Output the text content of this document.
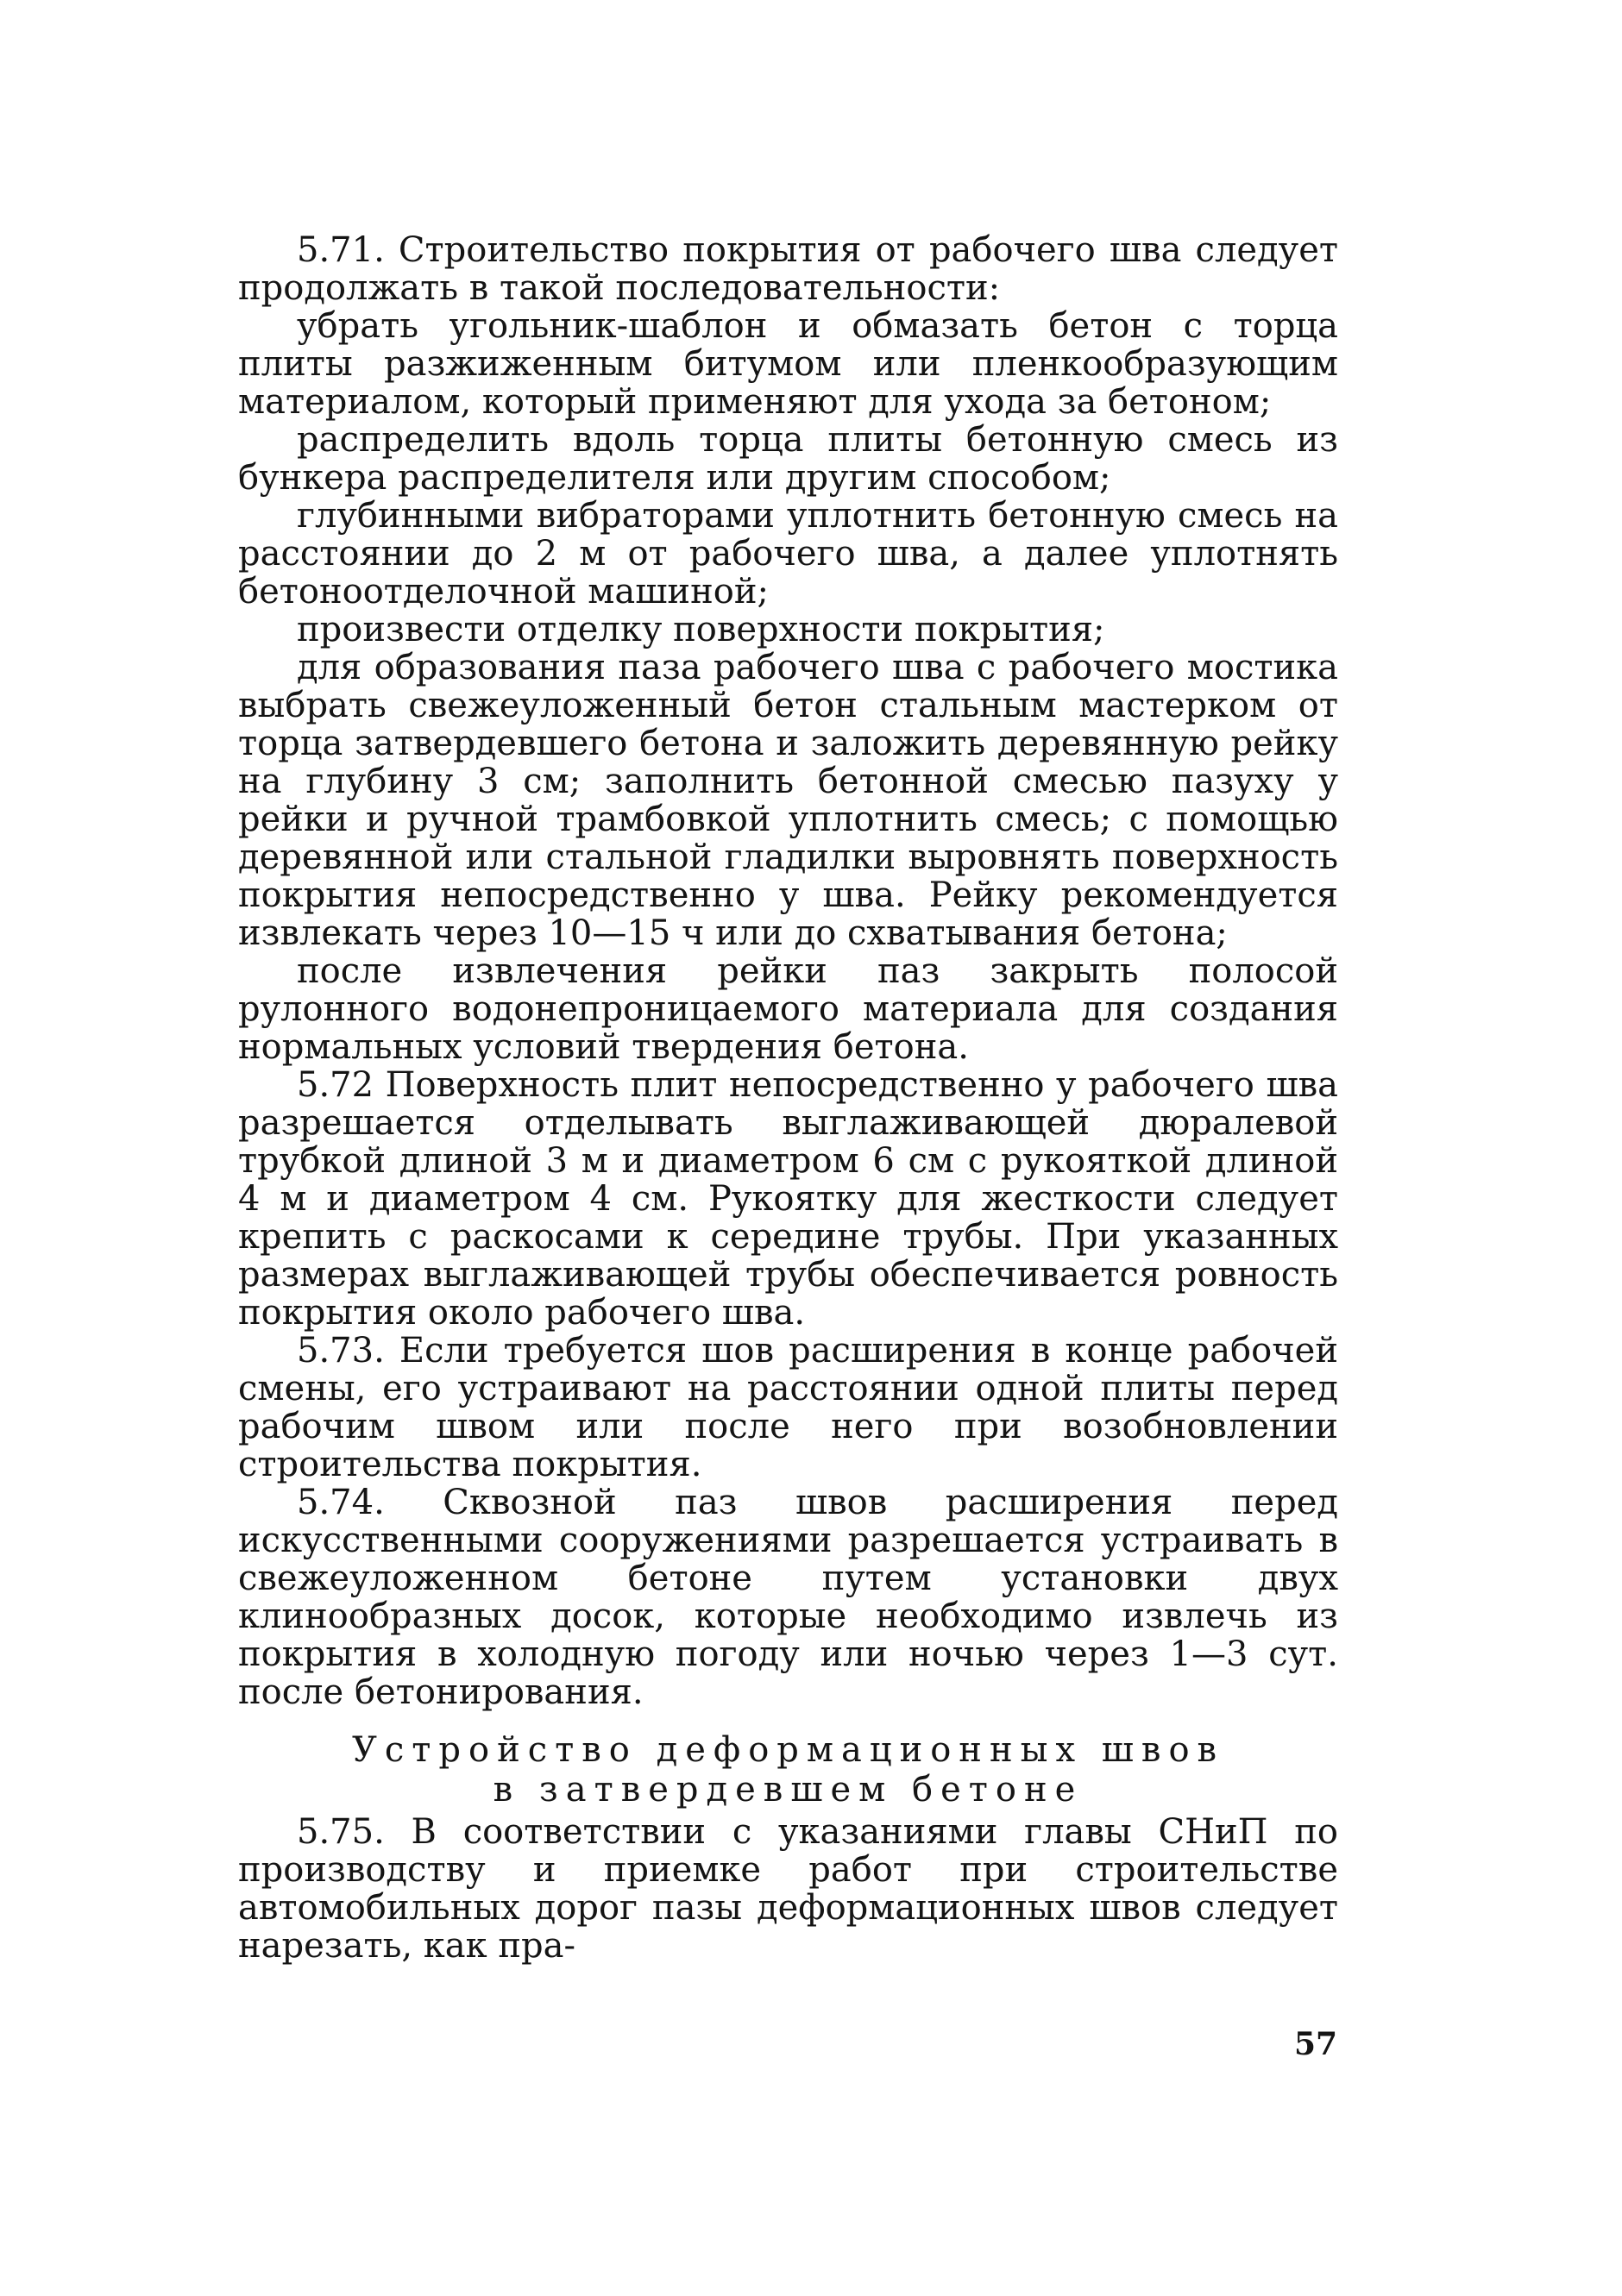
5.71. Строительство покрытия от рабочего шва следует продолжать в такой последовательности:

убрать угольник-шаблон и обмазать бетон с торца плиты разжиженным битумом или пленкообразующим материалом, который применяют для ухода за бетоном;

распределить вдоль торца плиты бетонную смесь из бункера распределителя или другим способом;

глубинными вибраторами уплотнить бетонную смесь на расстоянии до 2 м от рабочего шва, а далее уплотнять бетоноотделочной машиной;

произвести отделку поверхности покрытия;

для образования паза рабочего шва с рабочего мостика выбрать свежеуложенный бетон стальным мастерком от торца затвердевшего бетона и заложить деревянную рейку на глубину 3 см; заполнить бетонной смесью пазуху у рейки и ручной трамбовкой уплотнить смесь; с помощью деревянной или стальной гладилки выровнять поверхность покрытия непосредственно у шва. Рейку рекомендуется извлекать через 10—15 ч или до схватывания бетона;

после извлечения рейки паз закрыть полосой рулонного водонепроницаемого материала для создания нормальных условий твердения бетона.

5.72 Поверхность плит непосредственно у рабочего шва разрешается отделывать выглаживающей дюралевой трубкой длиной 3 м и диаметром 6 см с рукояткой длиной 4 м и диаметром 4 см. Рукоятку для жесткости следует крепить с раскосами к середине трубы. При указанных размерах выглаживающей трубы обеспечивается ровность покрытия около рабочего шва.

5.73. Если требуется шов расширения в конце рабочей смены, его устраивают на расстоянии одной плиты перед рабочим швом или после него при возобновлении строительства покрытия.

5.74. Сквозной паз швов расширения перед искусственными сооружениями разрешается устраивать в свежеуложенном бетоне путем установки двух клинообразных досок, которые необходимо извлечь из покрытия в холодную погоду или ночью через 1—3 сут. после бетонирования.

Устройство деформационных швов
в затвердевшем бетоне

5.75. В соответствии с указаниями главы СНиП по производству и приемке работ при строительстве автомобильных дорог пазы деформационных швов следует нарезать, как пра-

57
